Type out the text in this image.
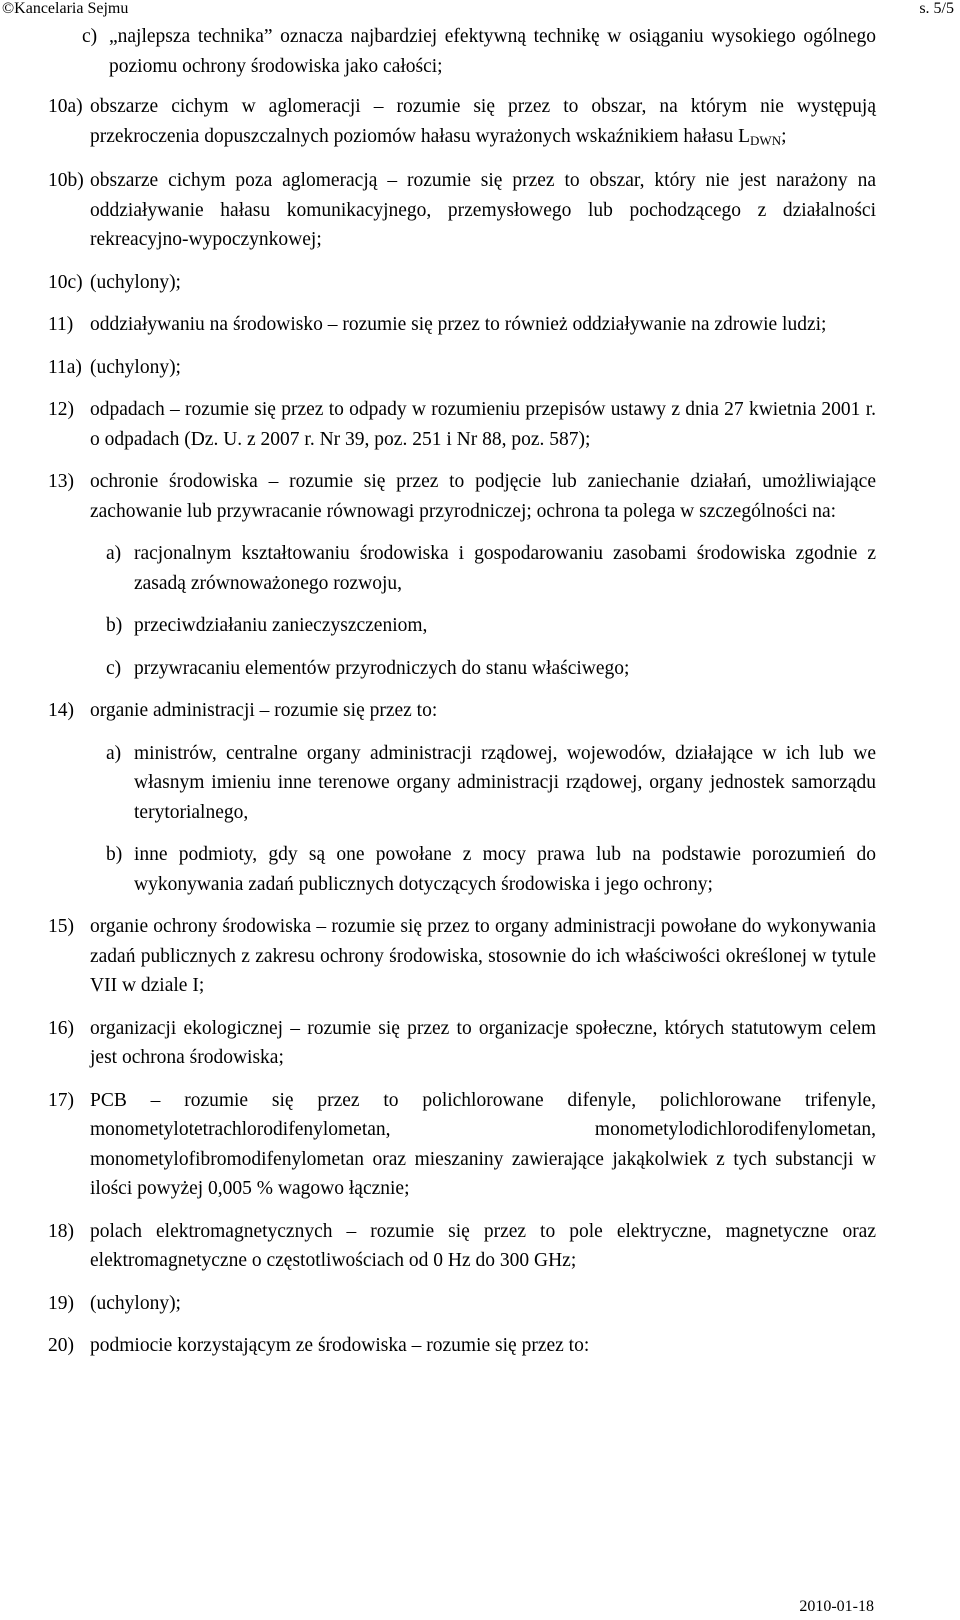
©Kancelaria Sejmu	s. 5/5
c) „najlepsza technika” oznacza najbardziej efektywną technikę w osiąganiu wysokiego ogólnego poziomu ochrony środowiska jako całości;
10a) obszarze cichym w aglomeracji – rozumie się przez to obszar, na którym nie występują przekroczenia dopuszczalnych poziomów hałasu wyrażonych wskaźnikiem hałasu LDWN;
10b) obszarze cichym poza aglomeracją – rozumie się przez to obszar, który nie jest narażony na oddziaływanie hałasu komunikacyjnego, przemysłowego lub pochodzącego z działalności rekreacyjno-wypoczynkowej;
10c) (uchylony);
11) oddziaływaniu na środowisko – rozumie się przez to również oddziaływanie na zdrowie ludzi;
11a) (uchylony);
12) odpadach – rozumie się przez to odpady w rozumieniu przepisów ustawy z dnia 27 kwietnia 2001 r. o odpadach (Dz. U. z 2007 r. Nr 39, poz. 251 i Nr 88, poz. 587);
13) ochronie środowiska – rozumie się przez to podjęcie lub zaniechanie działań, umożliwiające zachowanie lub przywracanie równowagi przyrodniczej; ochrona ta polega w szczególności na:
a) racjonalnym kształtowaniu środowiska i gospodarowaniu zasobami środowiska zgodnie z zasadą zrównoważonego rozwoju,
b) przeciwdziałaniu zanieczyszczeniom,
c) przywracaniu elementów przyrodniczych do stanu właściwego;
14) organie administracji – rozumie się przez to:
a) ministrów, centralne organy administracji rządowej, wojewodów, działające w ich lub we własnym imieniu inne terenowe organy administracji rządowej, organy jednostek samorządu terytorialnego,
b) inne podmioty, gdy są one powołane z mocy prawa lub na podstawie porozumień do wykonywania zadań publicznych dotyczących środowiska i jego ochrony;
15) organie ochrony środowiska – rozumie się przez to organy administracji powołane do wykonywania zadań publicznych z zakresu ochrony środowiska, stosownie do ich właściwości określonej w tytule VII w dziale I;
16) organizacji ekologicznej – rozumie się przez to organizacje społeczne, których statutowym celem jest ochrona środowiska;
17) PCB – rozumie się przez to polichlorowane difenyle, polichlorowane trifenyle, monometylotetrachlorodifenylometan, monometylodichlorodifenylometan, monometylofibromodifenylometan oraz mieszaniny zawierające jakąkolwiek z tych substancji w ilości powyżej 0,005 % wagowo łącznie;
18) polach elektromagnetycznych – rozumie się przez to pole elektryczne, magnetyczne oraz elektromagnetyczne o częstotliwościach od 0 Hz do 300 GHz;
19) (uchylony);
20) podmiocie korzystającym ze środowiska – rozumie się przez to:
2010-01-18
